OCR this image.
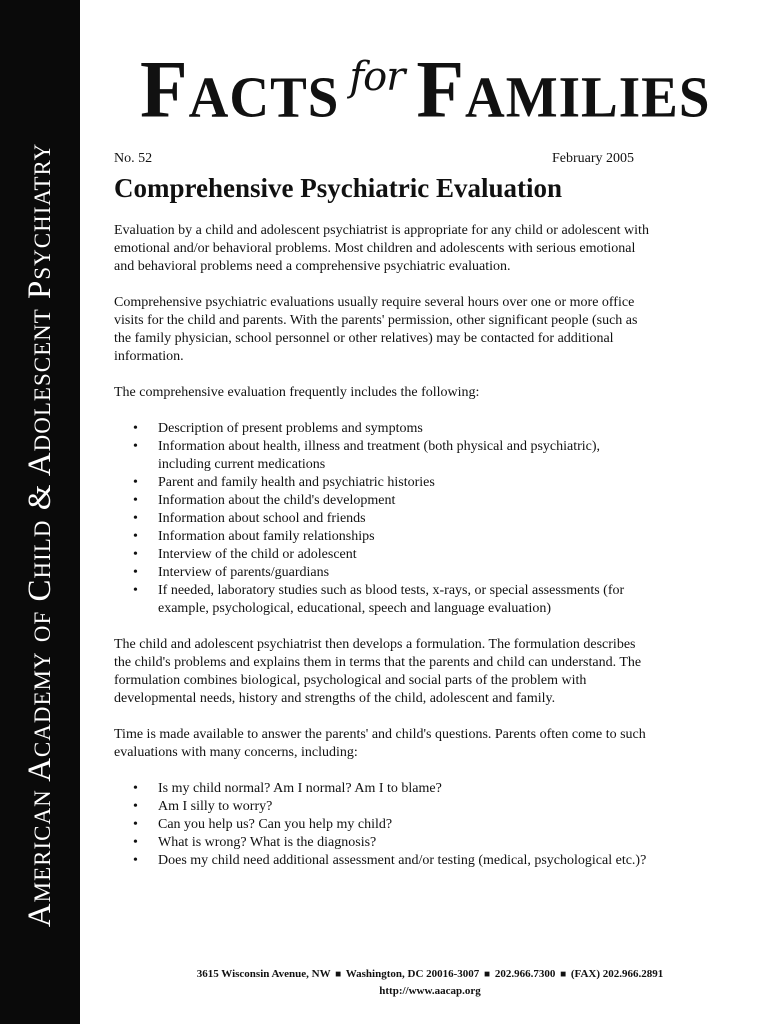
American Academy of Child & Adolescent Psychiatry
Facts for Families
No. 52	February 2005
Comprehensive Psychiatric Evaluation

Evaluation by a child and adolescent psychiatrist is appropriate for any child or adolescent with emotional and/or behavioral problems. Most children and adolescents with serious emotional and behavioral problems need a comprehensive psychiatric evaluation.

Comprehensive psychiatric evaluations usually require several hours over one or more office visits for the child and parents. With the parents' permission, other significant people (such as the family physician, school personnel or other relatives) may be contacted for additional information.

The comprehensive evaluation frequently includes the following:

• Description of present problems and symptoms
• Information about health, illness and treatment (both physical and psychiatric), including current medications
• Parent and family health and psychiatric histories
• Information about the child's development
• Information about school and friends
• Information about family relationships
• Interview of the child or adolescent
• Interview of parents/guardians
• If needed, laboratory studies such as blood tests, x-rays, or special assessments (for example, psychological, educational, speech and language evaluation)

The child and adolescent psychiatrist then develops a formulation. The formulation describes the child's problems and explains them in terms that the parents and child can understand. The formulation combines biological, psychological and social parts of the problem with developmental needs, history and strengths of the child, adolescent and family.

Time is made available to answer the parents' and child's questions. Parents often come to such evaluations with many concerns, including:

• Is my child normal? Am I normal? Am I to blame?
• Am I silly to worry?
• Can you help us? Can you help my child?
• What is wrong? What is the diagnosis?
• Does my child need additional assessment and/or testing (medical, psychological etc.)?
3615 Wisconsin Avenue, NW ■ Washington, DC 20016-3007 ■ 202.966.7300 ■ (FAX) 202.966.2891
http://www.aacap.org
